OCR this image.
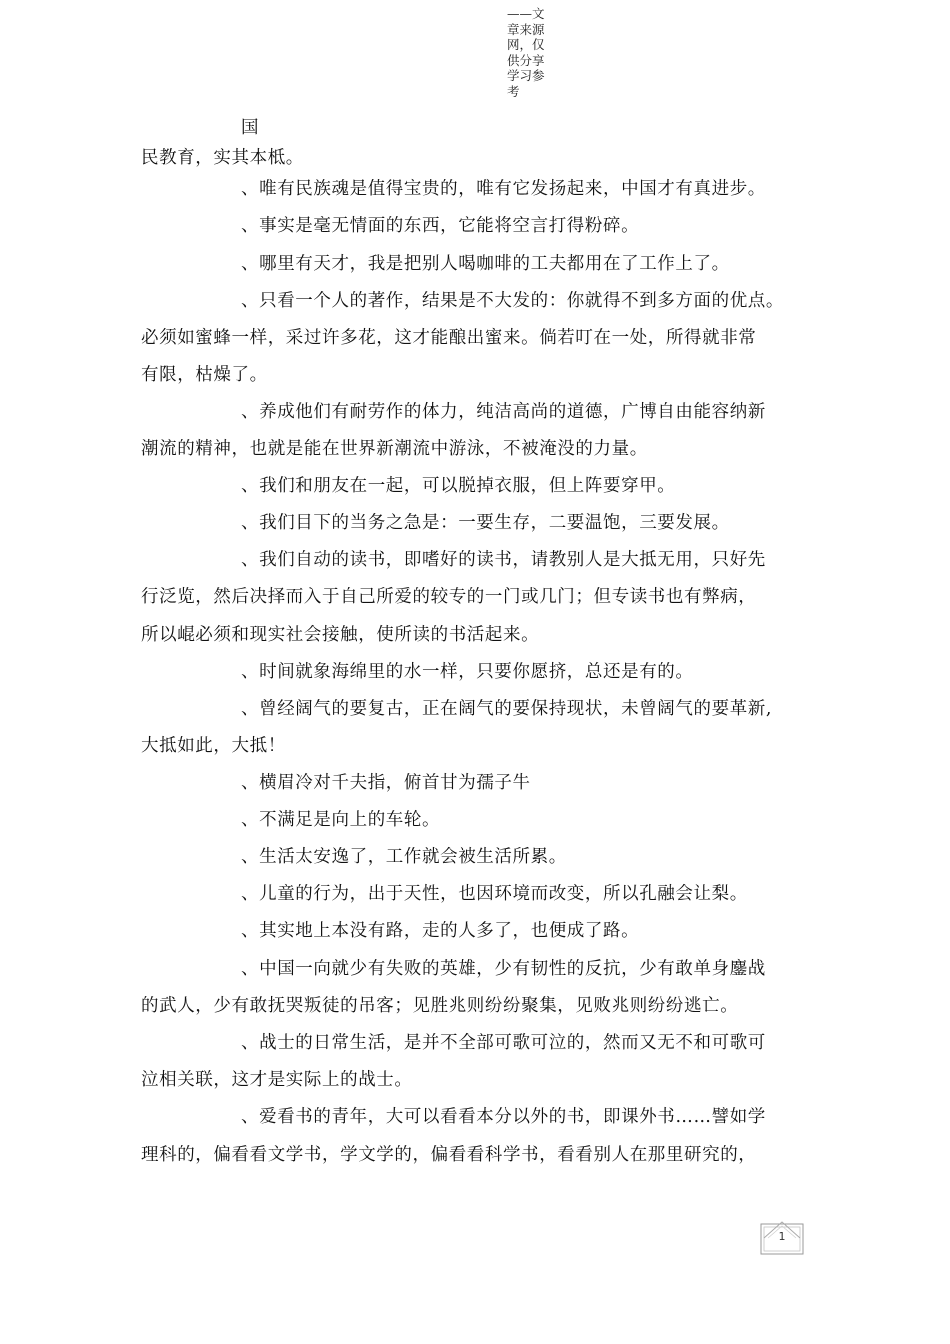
——文章来源网，仅供分享学习参考
国
民教育，实其本柢。
、唯有民族魂是值得宝贵的，唯有它发扬起来，中国才有真进步。
、事实是毫无情面的东西，它能将空言打得粉碎。
、哪里有天才，我是把别人喝咖啡的工夫都用在了工作上了。
、只看一个人的著作，结果是不大发的：你就得不到多方面的优点。
必须如蜜蜂一样，采过许多花，这才能酿出蜜来。倘若叮在一处，所得就非常
有限，枯燥了。
、养成他们有耐劳作的体力，纯洁高尚的道德，广博自由能容纳新
潮流的精神，也就是能在世界新潮流中游泳，不被淹没的力量。
、我们和朋友在一起，可以脱掉衣服，但上阵要穿甲。
、我们目下的当务之急是：一要生存，二要温饱，三要发展。
、我们自动的读书，即嗜好的读书，请教别人是大抵无用，只好先
行泛览，然后决择而入于自己所爱的较专的一门或几门；但专读书也有弊病，
所以崐必须和现实社会接触，使所读的书活起来。
、时间就象海绵里的水一样，只要你愿挤，总还是有的。
、曾经阔气的要复古，正在阔气的要保持现状，未曾阔气的要革新,
大抵如此，大抵！
、横眉冷对千夫指，俯首甘为孺子牛
、不满足是向上的车轮。
、生活太安逸了，工作就会被生活所累。
、儿童的行为，出于天性，也因环境而改变，所以孔融会让梨。
、其实地上本没有路，走的人多了，也便成了路。
、中国一向就少有失败的英雄，少有韧性的反抗，少有敢单身鏖战
的武人，少有敢抚哭叛徒的吊客；见胜兆则纷纷聚集，见败兆则纷纷逃亡。
、战士的日常生活，是并不全部可歌可泣的，然而又无不和可歌可
泣相关联，这才是实际上的战士。
、爱看书的青年，大可以看看本分以外的书，即课外书……譬如学
理科的，偏看看文学书，学文学的，偏看看科学书，看看别人在那里研究的，
1
